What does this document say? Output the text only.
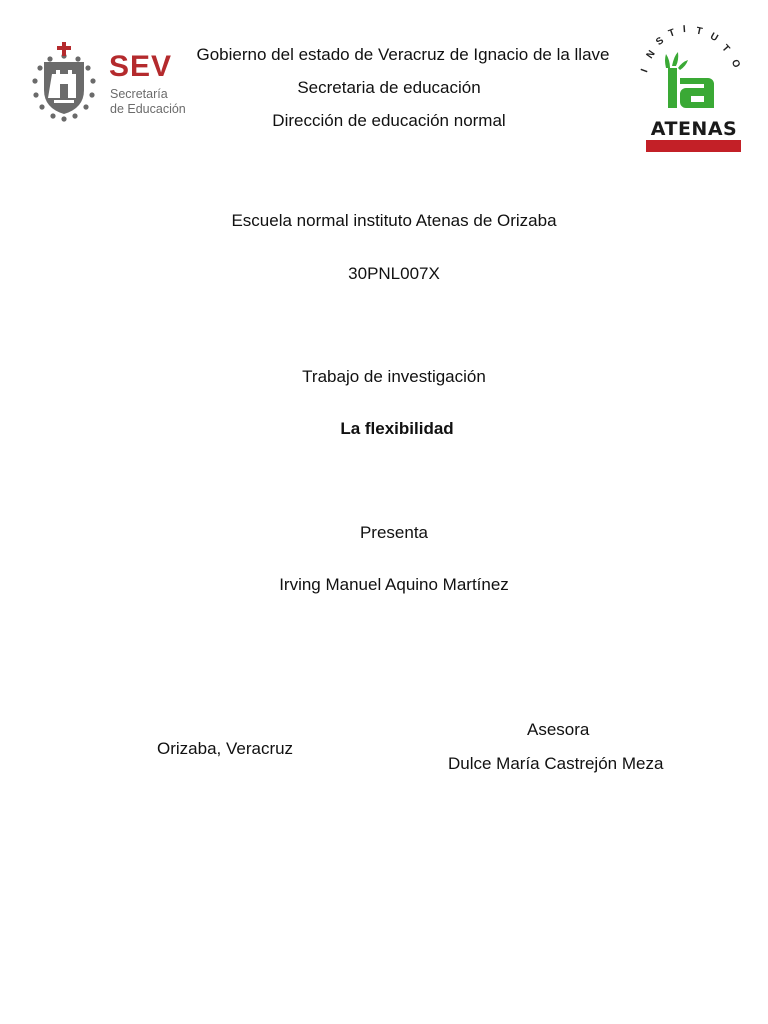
SEV
Secretaría
de Educación
I
N
S
T I T U
T
O
ATENAS
Gobierno del estado de Veracruz de Ignacio de la llave
Secretaria de educación
Dirección de educación normal
Escuela normal instituto Atenas de Orizaba
30PNL007X
Trabajo de investigación
La flexibilidad
Presenta
Irving Manuel Aquino Martínez
Orizaba, Veracruz
Asesora
Dulce María Castrejón Meza
